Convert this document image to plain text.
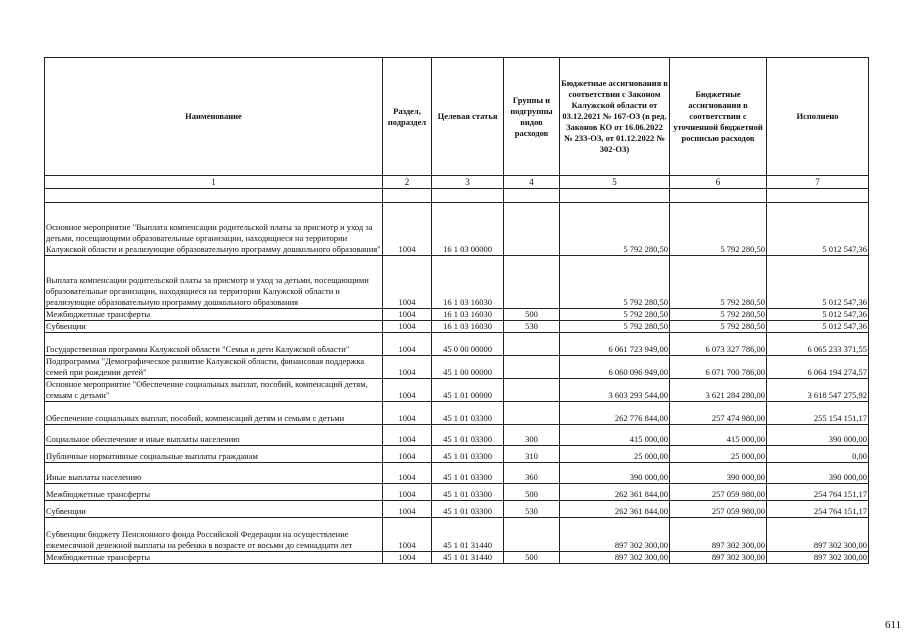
Наименование	Раздел, подраздел	Целевая статья	Группы и подгруппы видов расходов	Бюджетные ассигнования в соответствии с Законом Калужской области от 03.12.2021 № 167-ОЗ (в ред. Законов КО от 16.06.2022 № 233-ОЗ, от 01.12.2022 № 302-ОЗ)	Бюджетные ассигнования в соответствии с уточненной бюджетной росписью расходов	Исполнено
1	2	3	4	5	6	7

Основное мероприятие "Выплата компенсации родительской платы за присмотр и уход за детьми, посещающими образовательные организации, находящиеся на территории Калужской области и реализующие образовательную программу дошкольного образования"	1004	16 1 03 00000		5 792 280,50	5 792 280,50	5 012 547,36
Выплата компенсации родительской платы за присмотр и уход за детьми, посещающими образовательные организации, находящиеся на территории Калужской области и реализующие образовательную программу дошкольного образования	1004	16 1 03 16030		5 792 280,50	5 792 280,50	5 012 547,36
Межбюджетные трансферты	1004	16 1 03 16030	500	5 792 280,50	5 792 280,50	5 012 547,36
Субвенции	1004	16 1 03 16030	530	5 792 280,50	5 792 280,50	5 012 547,36
Государственная программа Калужской области "Семья и дети Калужской области"	1004	45 0 00 00000		6 061 723 949,00	6 073 327 786,00	6 065 233 371,55
Подпрограмма "Демографическое развитие Калужской области, финансовая поддержка семей при рождении детей"	1004	45 1 00 00000		6 060 096 949,00	6 071 700 786,00	6 064 194 274,57
Основное мероприятие "Обеспечение социальных выплат, пособий, компенсаций детям, семьям с детьми"	1004	45 1 01 00000		3 603 293 544,00	3 621 284 280,00	3 618 547 275,92
Обеспечение социальных выплат, пособий, компенсаций детям и семьям с детьми	1004	45 1 01 03300		262 776 844,00	257 474 980,00	255 154 151,17
Социальное обеспечение и иные выплаты населению	1004	45 1 01 03300	300	415 000,00	415 000,00	390 000,00
Публичные нормативные социальные выплаты гражданам	1004	45 1 01 03300	310	25 000,00	25 000,00	0,00
Иные выплаты населению	1004	45 1 01 03300	360	390 000,00	390 000,00	390 000,00
Межбюджетные трансферты	1004	45 1 01 03300	500	262 361 844,00	257 059 980,00	254 764 151,17
Субвенции	1004	45 1 01 03300	530	262 361 844,00	257 059 980,00	254 764 151,17
Субвенции бюджету Пенсионного фонда Российской Федерации на осуществление ежемесячной денежной выплаты на ребенка в возрасте от восьми до семнадцати лет	1004	45 1 01 31440		897 302 300,00	897 302 300,00	897 302 300,00
Межбюджетные трансферты	1004	45 1 01 31440	500	897 302 300,00	897 302 300,00	897 302 300,00
611
